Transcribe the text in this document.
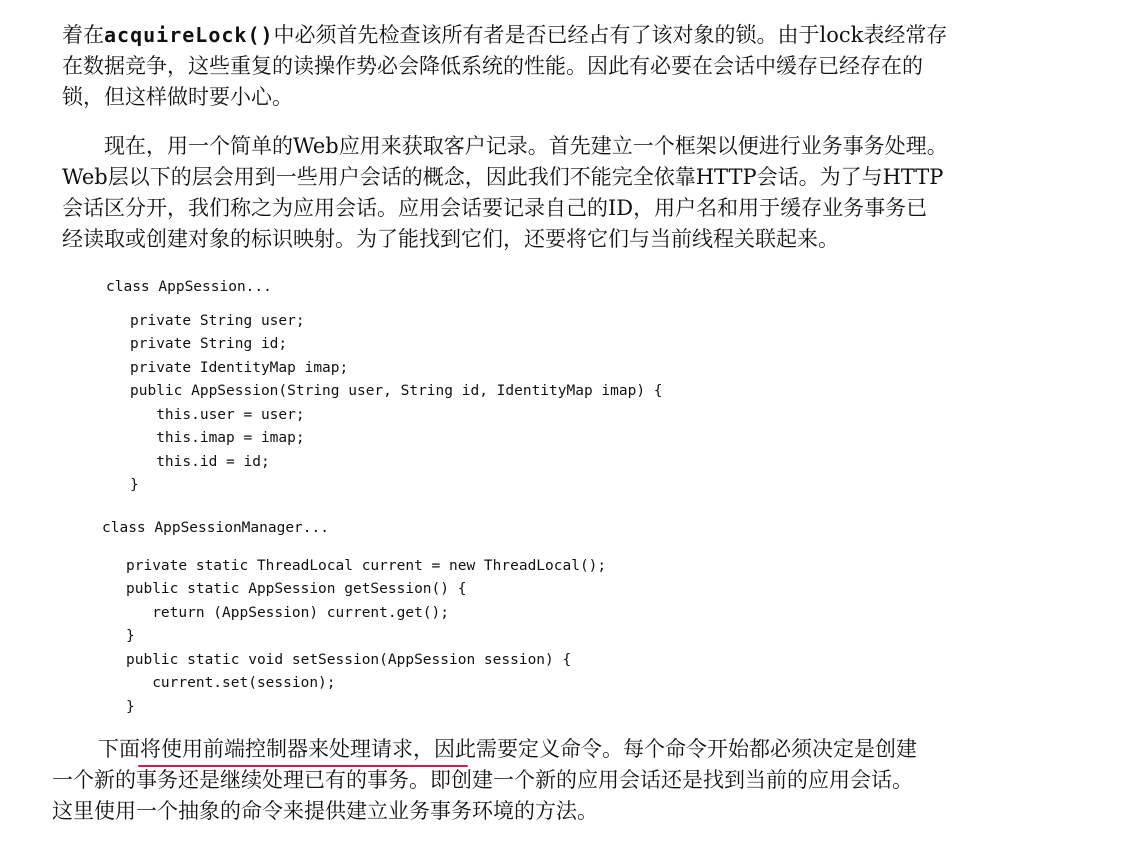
着在acquireLock()中必须首先检查该所有者是否已经占有了该对象的锁。由于lock表经常存
在数据竞争，这些重复的读操作势必会降低系统的性能。因此有必要在会话中缓存已经存在的
锁，但这样做时要小心。
现在，用一个简单的Web应用来获取客户记录。首先建立一个框架以便进行业务事务处理。
Web层以下的层会用到一些用户会话的概念，因此我们不能完全依靠HTTP会话。为了与HTTP
会话区分开，我们称之为应用会话。应用会话要记录自己的ID，用户名和用于缓存业务事务已
经读取或创建对象的标识映射。为了能找到它们，还要将它们与当前线程关联起来。
class AppSession...
private String user;
private String id;
private IdentityMap imap;
public AppSession(String user, String id, IdentityMap imap) {
this.user = user;
this.imap = imap;
this.id = id;
}
class AppSessionManager...
private static ThreadLocal current = new ThreadLocal();
public static AppSession getSession() {
return (AppSession) current.get();
}
public static void setSession(AppSession session) {
current.set(session);
}
下面将使用前端控制器来处理请求，因此需要定义命令。每个命令开始都必须决定是创建
一个新的事务还是继续处理已有的事务。即创建一个新的应用会话还是找到当前的应用会话。
这里使用一个抽象的命令来提供建立业务事务环境的方法。
